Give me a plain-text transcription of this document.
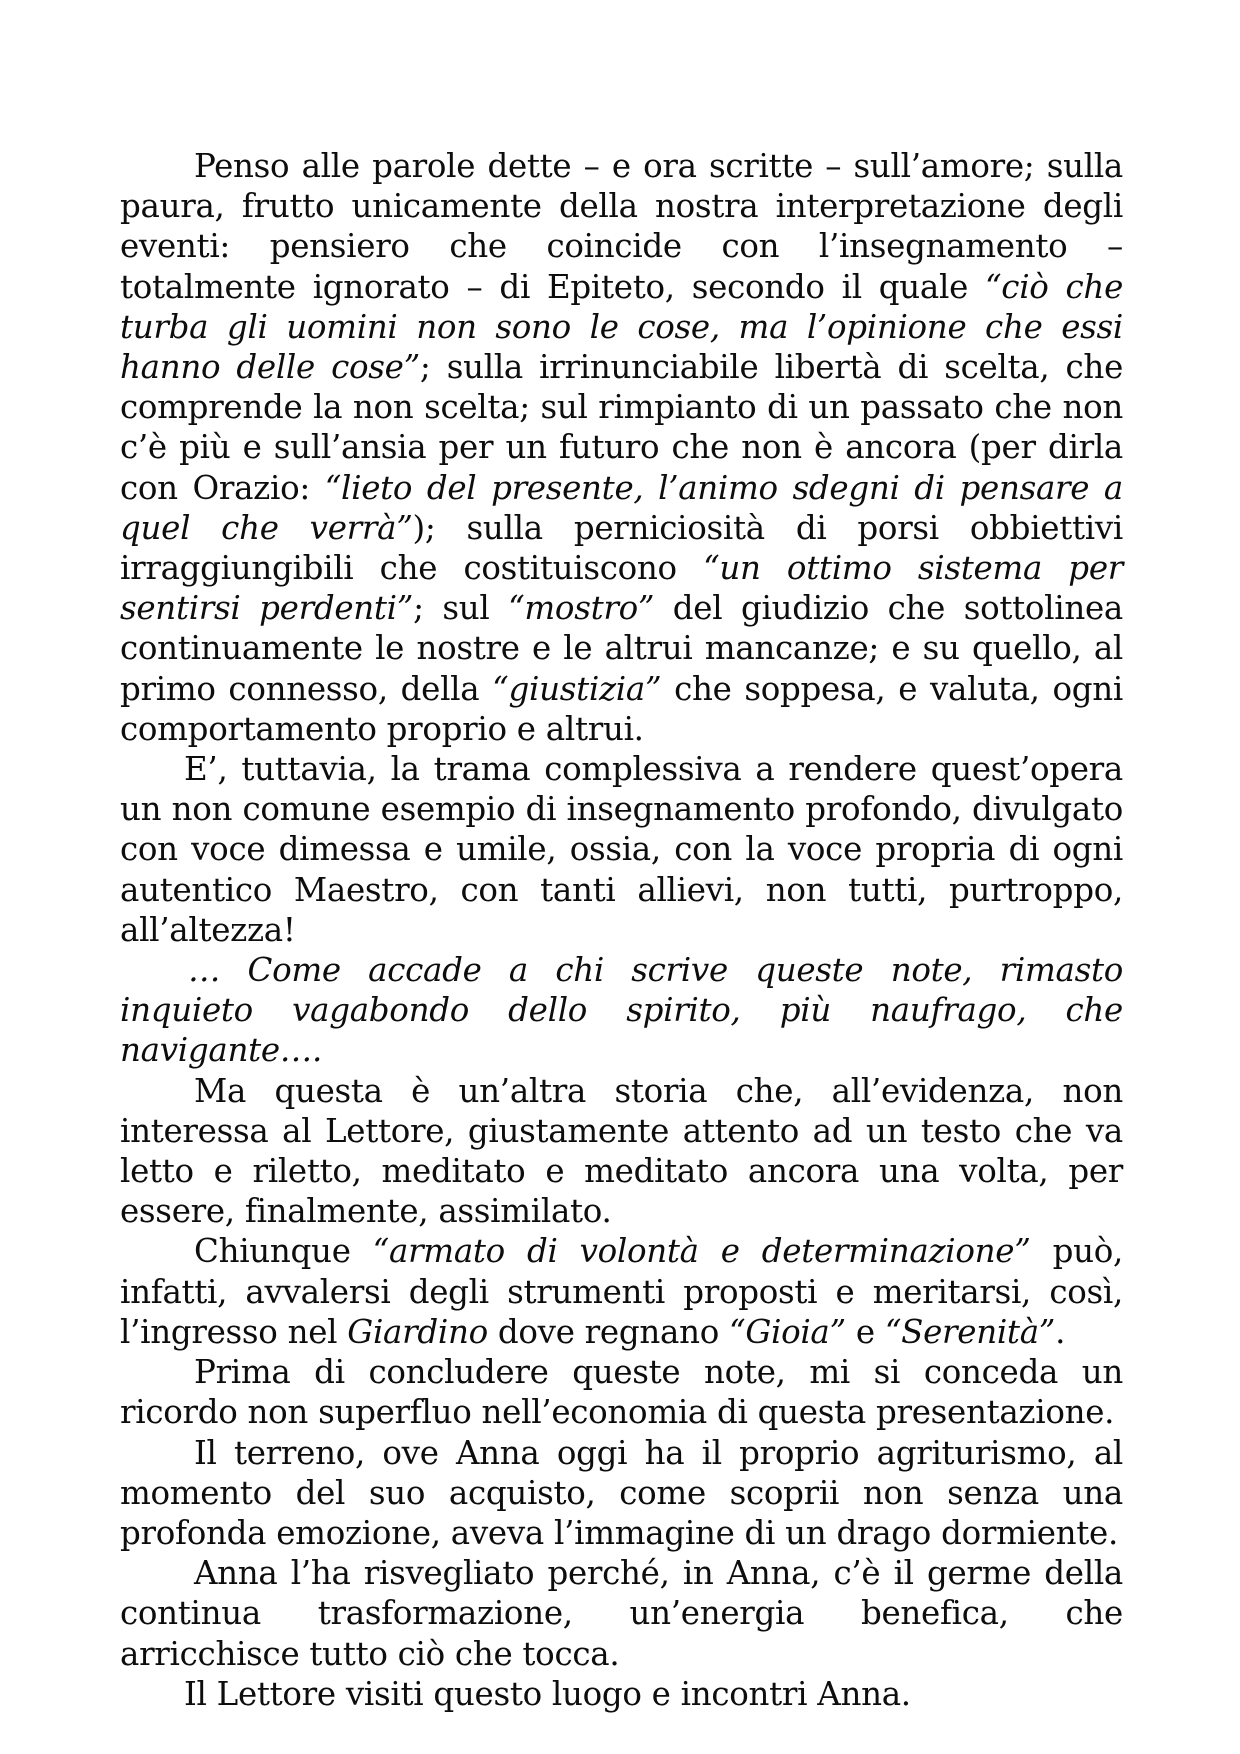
Penso alle parole dette – e ora scritte – sull’amore; sulla paura, frutto unicamente della nostra interpretazione degli eventi: pensiero che coincide con l’insegnamento – totalmente ignorato – di Epiteto, secondo il quale “ciò che turba gli uomini non sono le cose, ma l’opinione che essi hanno delle cose”; sulla irrinunciabile libertà di scelta, che comprende la non scelta; sul rimpianto di un passato che non c’è più e sull’ansia per un futuro che non è ancora (per dirla con Orazio: “lieto del presente, l’animo sdegni di pensare a quel che verrà”); sulla perniciosità di porsi obbiettivi irraggiungibili che costituiscono “un ottimo sistema per sentirsi perdenti”; sul “mostro” del giudizio che sottolinea continuamente le nostre e le altrui mancanze; e su quello, al primo connesso, della “giustizia” che soppesa, e valuta, ogni comportamento proprio e altrui.

E’, tuttavia, la trama complessiva a rendere quest’opera un non comune esempio di insegnamento profondo, divulgato con voce dimessa e umile, ossia, con la voce propria di ogni autentico Maestro, con tanti allievi, non tutti, purtroppo, all’altezza!

… Come accade a chi scrive queste note, rimasto inquieto vagabondo dello spirito, più naufrago, che navigante….

Ma questa è un’altra storia che, all’evidenza, non interessa al Lettore, giustamente attento ad un testo che va letto e riletto, meditato e meditato ancora una volta, per essere, finalmente, assimilato.

Chiunque “armato di volontà e determinazione” può, infatti, avvalersi degli strumenti proposti e meritarsi, così, l’ingresso nel Giardino dove regnano “Gioia” e “Serenità”.

Prima di concludere queste note, mi si conceda un ricordo non superfluo nell’economia di questa presentazione.

Il terreno, ove Anna oggi ha il proprio agriturismo, al momento del suo acquisto, come scoprii non senza una profonda emozione, aveva l’immagine di un drago dormiente.

Anna l’ha risvegliato perché, in Anna, c’è il germe della continua trasformazione, un’energia benefica, che arricchisce tutto ciò che tocca.

Il Lettore visiti questo luogo e incontri Anna.
